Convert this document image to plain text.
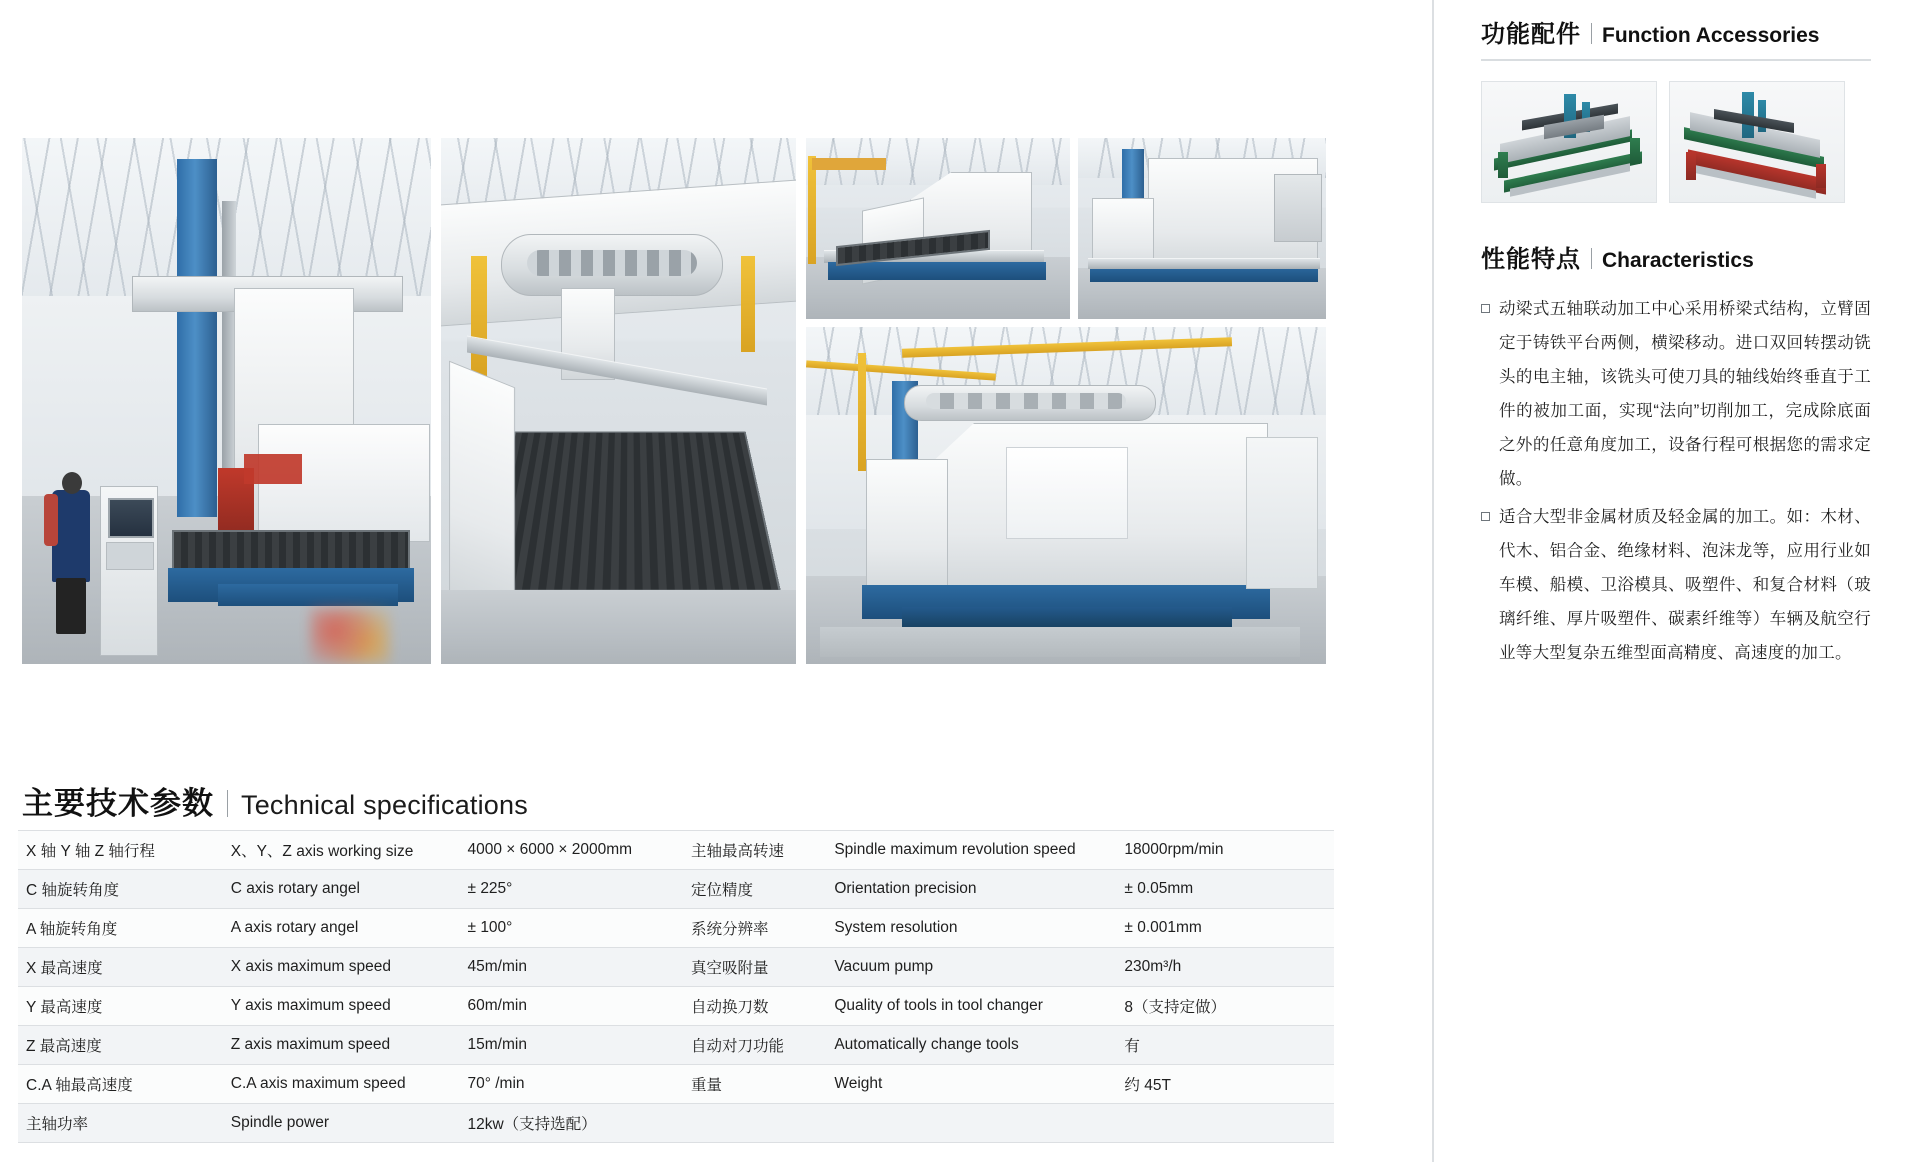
主要技术参数 Technical specifications
X 轴 Y 轴 Z 轴行程	X、Y、Z axis working size	4000 × 6000 × 2000mm	主轴最高转速	Spindle maximum revolution speed	18000rpm/min
C 轴旋转角度	C axis rotary angel	± 225°	定位精度	Orientation precision	± 0.05mm
A 轴旋转角度	A axis rotary angel	± 100°	系统分辨率	System resolution	± 0.001mm
X 最高速度	X axis maximum speed	45m/min	真空吸附量	Vacuum pump	230m³/h
Y 最高速度	Y axis maximum speed	60m/min	自动换刀数	Quality of tools in tool changer	8（支持定做）
Z 最高速度	Z axis maximum speed	15m/min	自动对刀功能	Automatically change tools	有
C.A 轴最高速度	C.A axis maximum speed	70° /min	重量	Weight	约 45T
主轴功率	Spindle power	12kw（支持选配）			
功能配件 Function Accessories
性能特点 Characteristics
动梁式五轴联动加工中心采用桥梁式结构，立臂固定于铸铁平台两侧，横梁移动。进口双回转摆动铣头的电主轴，该铣头可使刀具的轴线始终垂直于工件的被加工面，实现“法向”切削加工，完成除底面之外的任意角度加工，设备行程可根据您的需求定做。
适合大型非金属材质及轻金属的加工。如：木材、代木、铝合金、绝缘材料、泡沫龙等，应用行业如车模、船模、卫浴模具、吸塑件、和复合材料（玻璃纤维、厚片吸塑件、碳素纤维等）车辆及航空行业等大型复杂五维型面高精度、高速度的加工。
